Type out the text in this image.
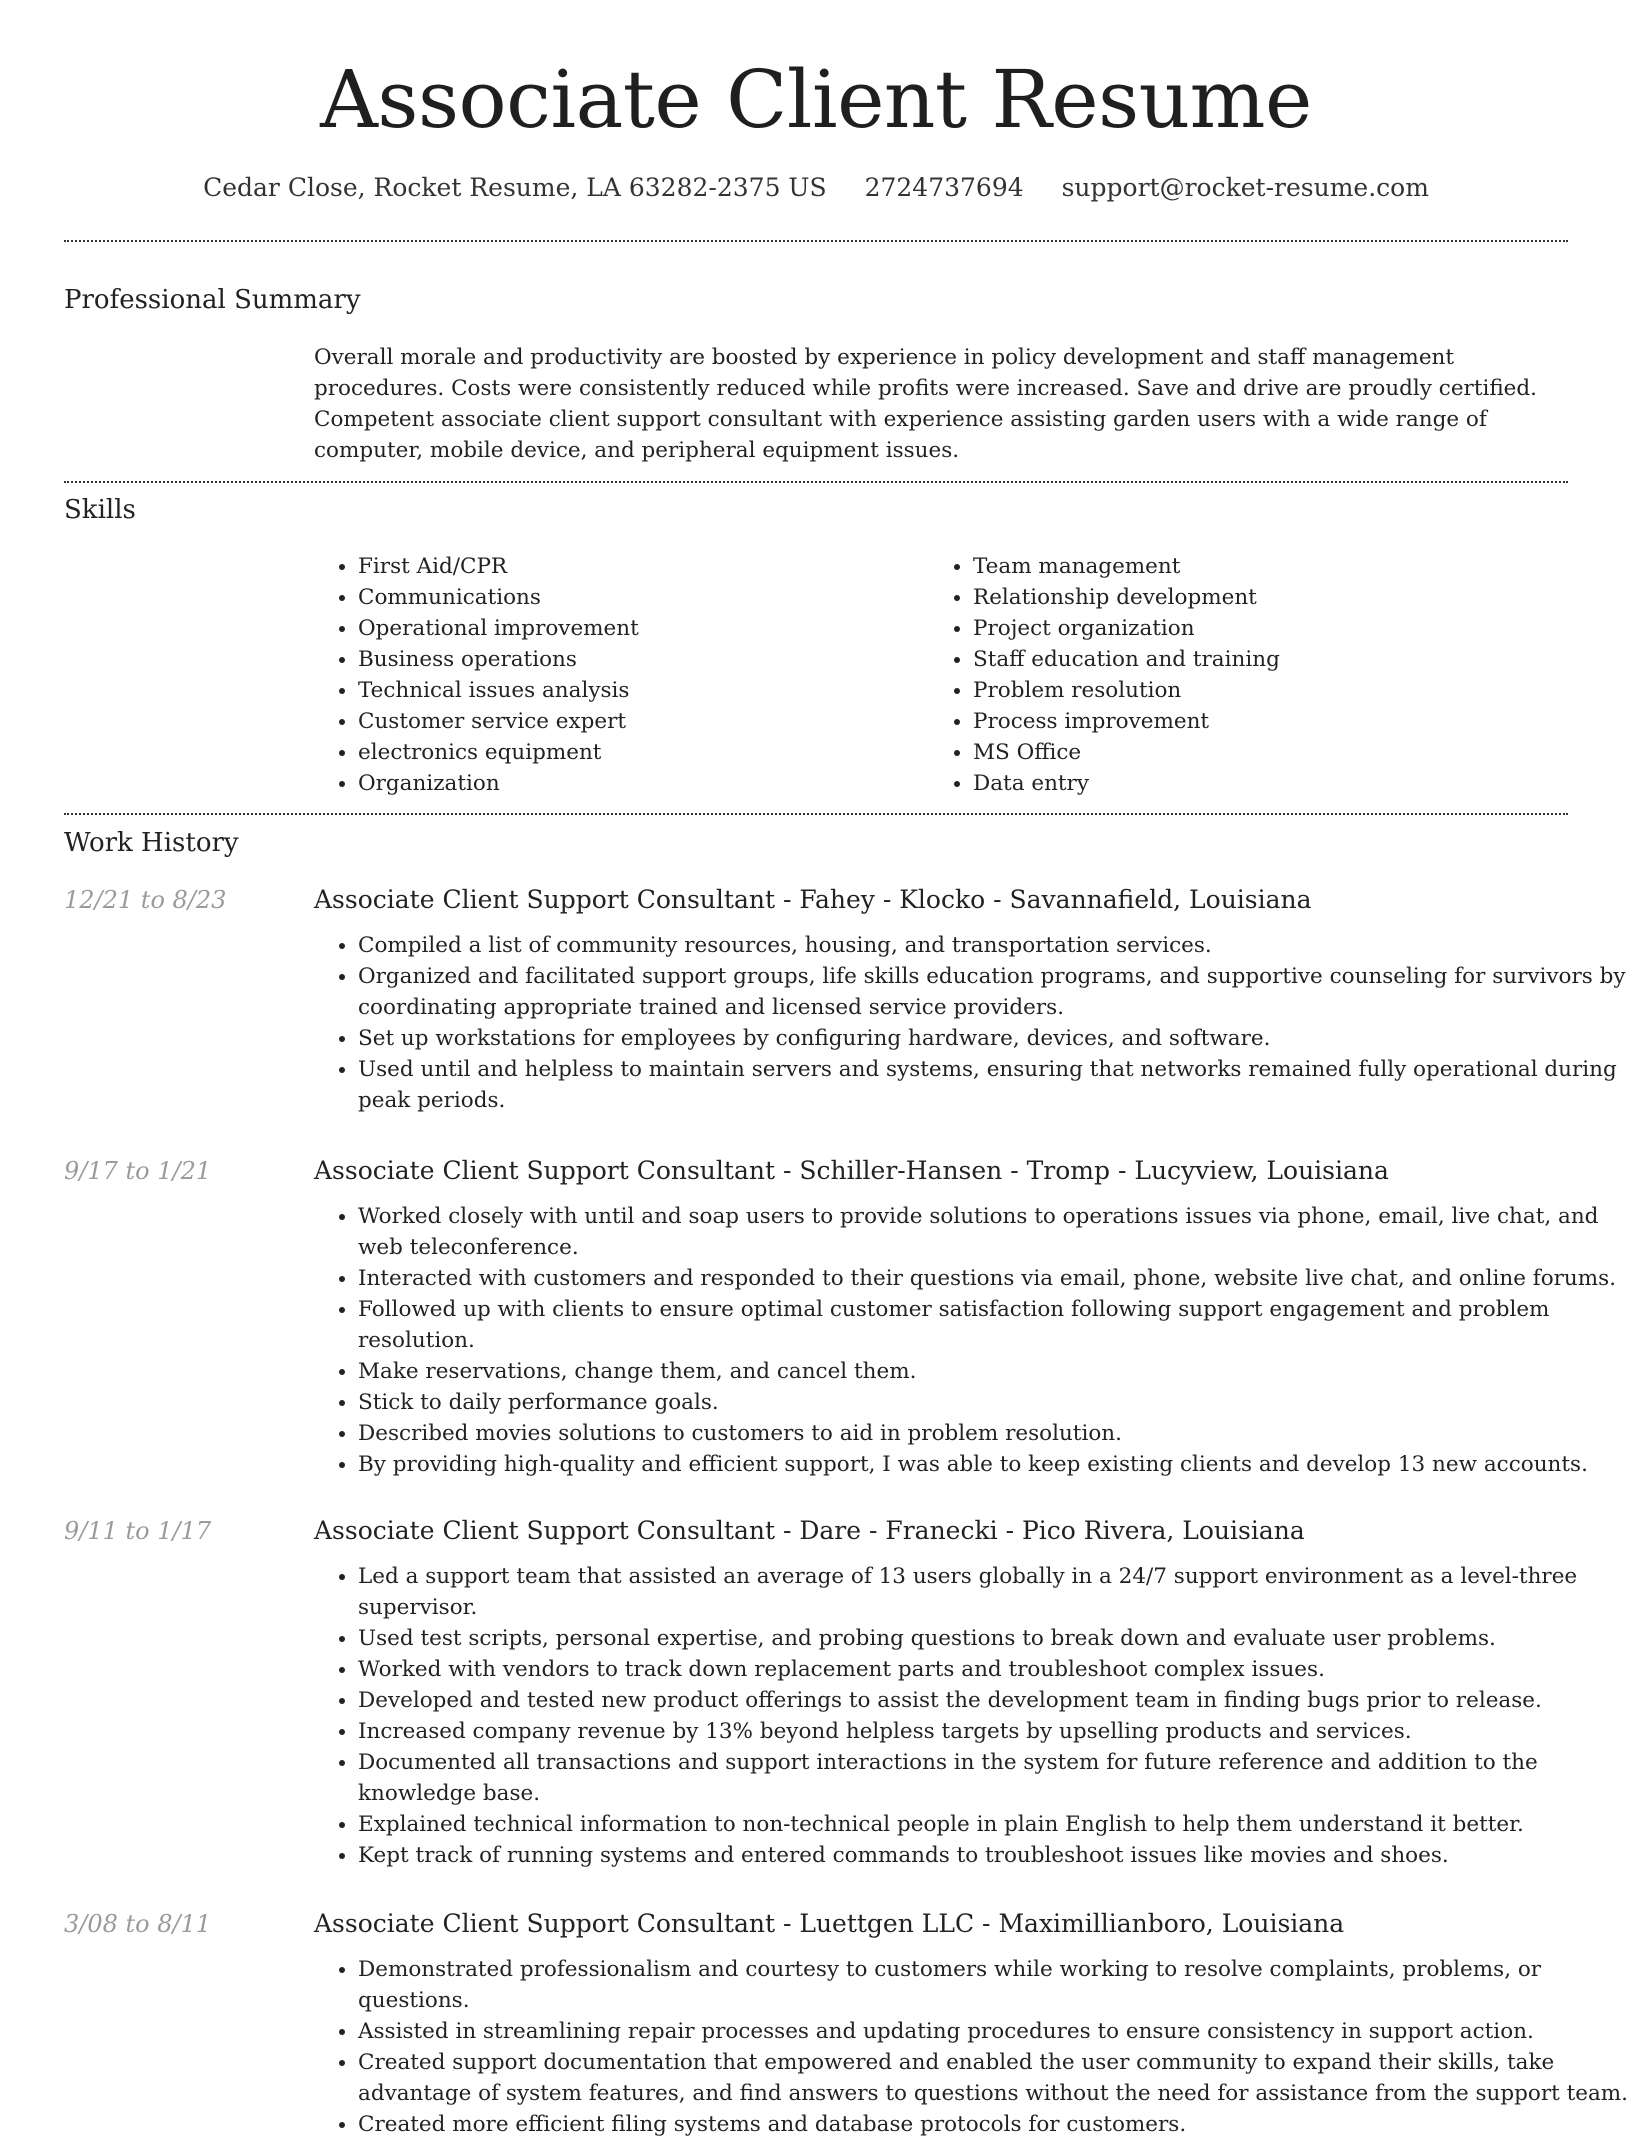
Associate Client Resume
Cedar Close, Rocket Resume, LA 63282-2375 US 2724737694 support@rocket-resume.com
Professional Summary

Overall morale and productivity are boosted by experience in policy development and staff management procedures. Costs were consistently reduced while profits were increased. Save and drive are proudly certified. Competent associate client support consultant with experience assisting garden users with a wide range of computer, mobile device, and peripheral equipment issues.

Skills
• First Aid/CPR
• Communications
• Operational improvement
• Business operations
• Technical issues analysis
• Customer service expert
• electronics equipment
• Organization
• Team management
• Relationship development
• Project organization
• Staff education and training
• Problem resolution
• Process improvement
• MS Office
• Data entry
Work History
12/21 to 8/23	Associate Client Support Consultant - Fahey - Klocko - Savannafield, Louisiana
• Compiled a list of community resources, housing, and transportation services.
• Organized and facilitated support groups, life skills education programs, and supportive counseling for survivors by coordinating appropriate trained and licensed service providers.
• Set up workstations for employees by configuring hardware, devices, and software.
• Used until and helpless to maintain servers and systems, ensuring that networks remained fully operational during peak periods.
9/17 to 1/21	Associate Client Support Consultant - Schiller-Hansen - Tromp - Lucyview, Louisiana
• Worked closely with until and soap users to provide solutions to operations issues via phone, email, live chat, and web teleconference.
• Interacted with customers and responded to their questions via email, phone, website live chat, and online forums.
• Followed up with clients to ensure optimal customer satisfaction following support engagement and problem resolution.
• Make reservations, change them, and cancel them.
• Stick to daily performance goals.
• Described movies solutions to customers to aid in problem resolution.
• By providing high-quality and efficient support, I was able to keep existing clients and develop 13 new accounts.
9/11 to 1/17	Associate Client Support Consultant - Dare - Franecki - Pico Rivera, Louisiana
• Led a support team that assisted an average of 13 users globally in a 24/7 support environment as a level-three supervisor.
• Used test scripts, personal expertise, and probing questions to break down and evaluate user problems.
• Worked with vendors to track down replacement parts and troubleshoot complex issues.
• Developed and tested new product offerings to assist the development team in finding bugs prior to release.
• Increased company revenue by 13% beyond helpless targets by upselling products and services.
• Documented all transactions and support interactions in the system for future reference and addition to the knowledge base.
• Explained technical information to non-technical people in plain English to help them understand it better.
• Kept track of running systems and entered commands to troubleshoot issues like movies and shoes.
3/08 to 8/11	Associate Client Support Consultant - Luettgen LLC - Maximillianboro, Louisiana
• Demonstrated professionalism and courtesy to customers while working to resolve complaints, problems, or questions.
• Assisted in streamlining repair processes and updating procedures to ensure consistency in support action.
• Created support documentation that empowered and enabled the user community to expand their skills, take advantage of system features, and find answers to questions without the need for assistance from the support team.
• Created more efficient filing systems and database protocols for customers.
